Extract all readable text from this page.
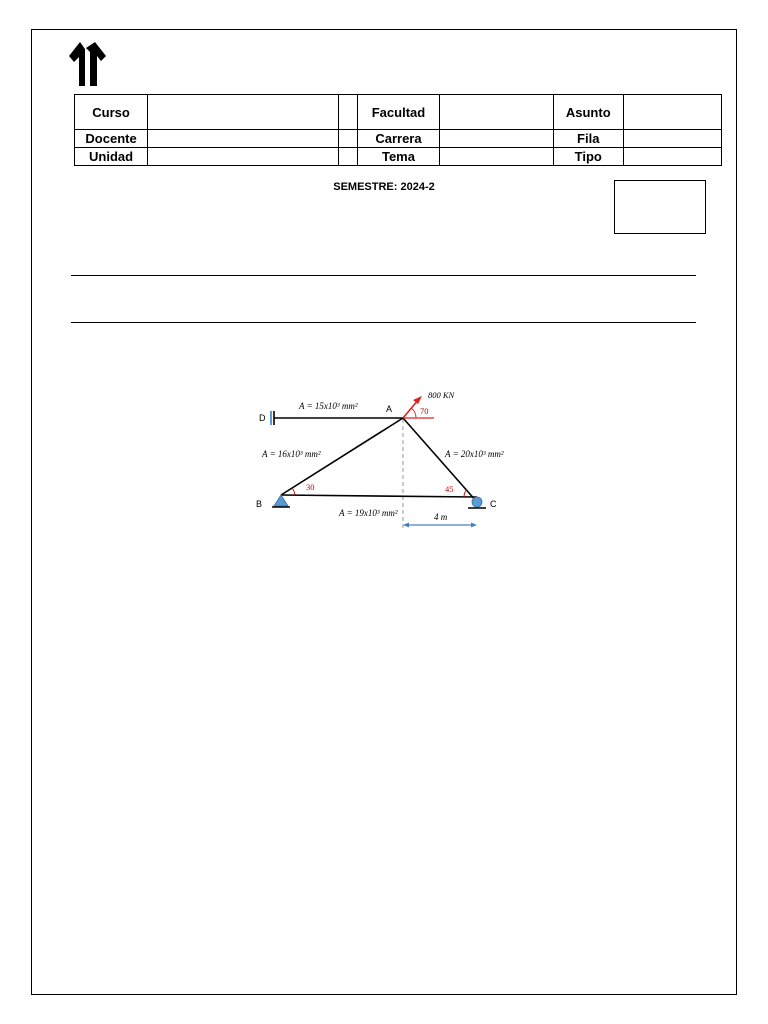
Curso			Facultad		Asunto	
Docente			Carrera		Fila	
Unidad			Tema		Tipo	
SEMESTRE: 2024-2
D
A
B	C
800 KN
70
30	45
A = 15x10³ mm²
A = 16x10³ mm²	A = 20x10³ mm²
A = 19x10³ mm²	4 m
